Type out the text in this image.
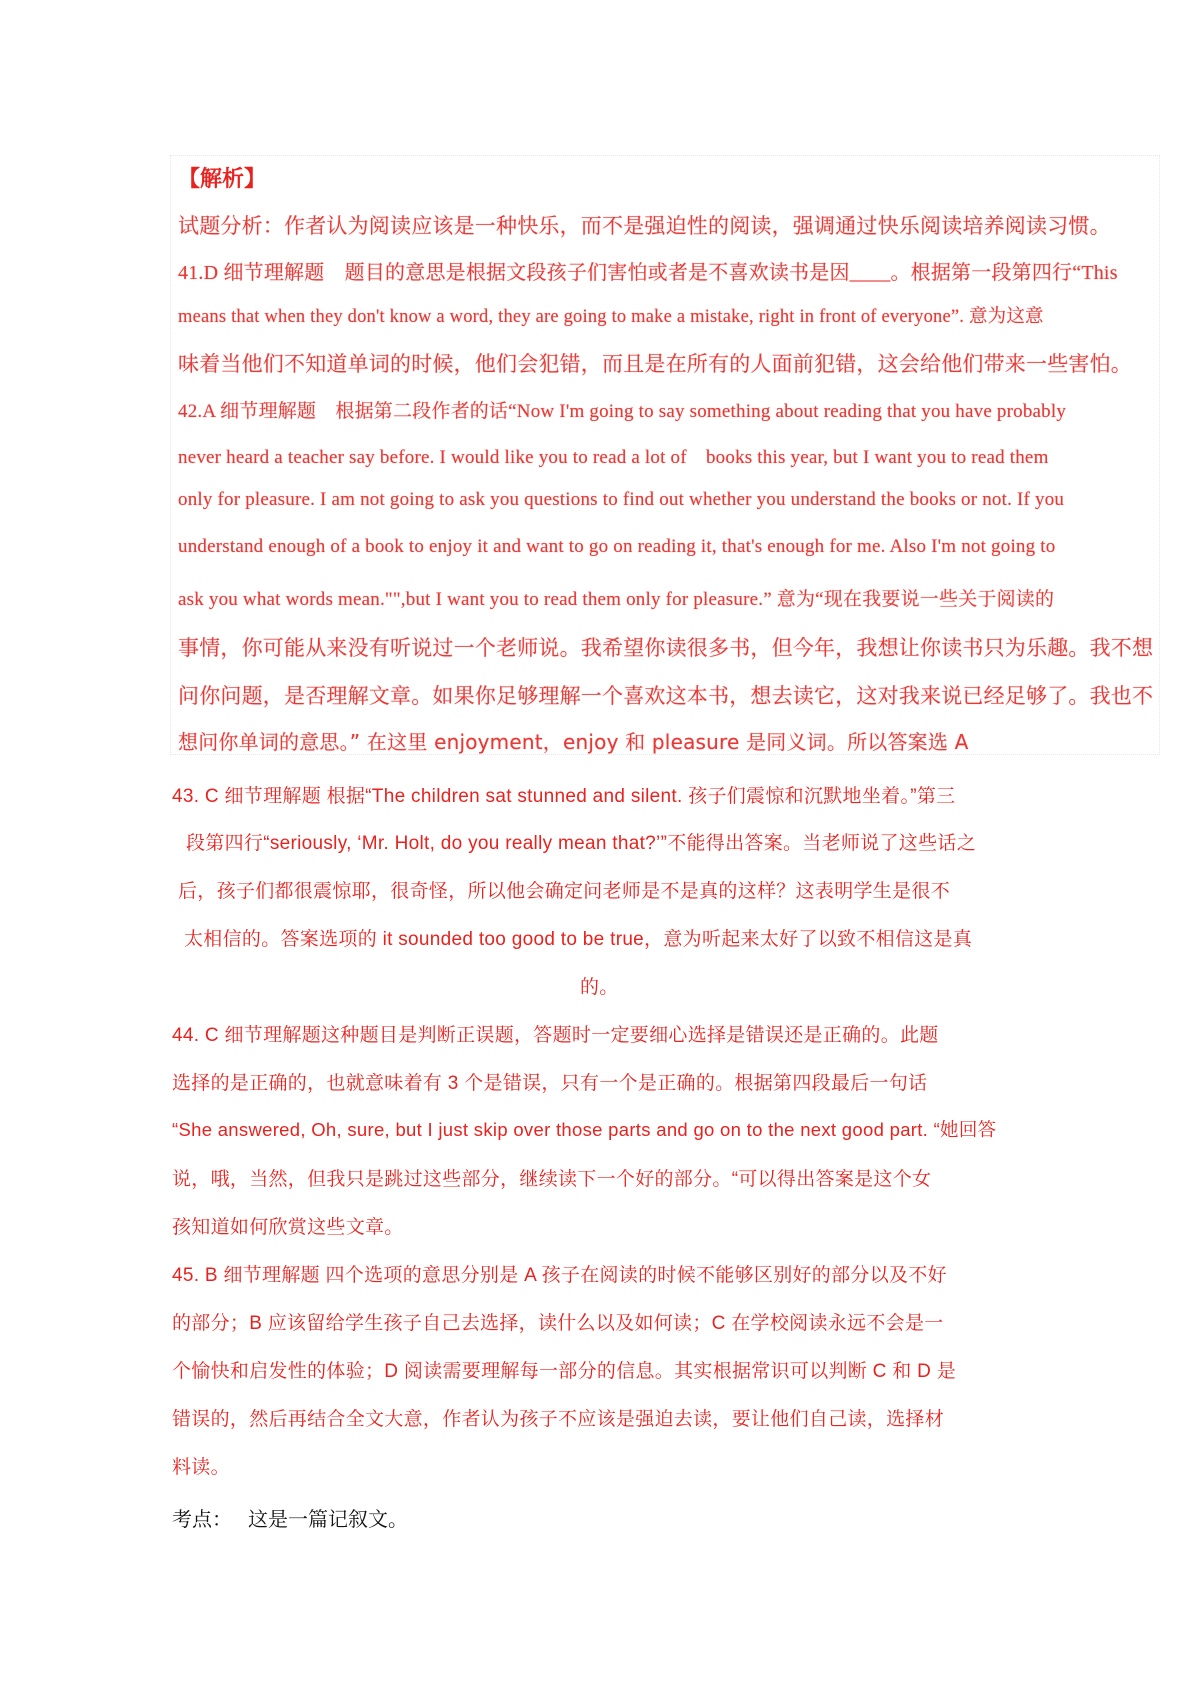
【解析】
试题分析：作者认为阅读应该是一种快乐，而不是强迫性的阅读，强调通过快乐阅读培养阅读习惯。
41.D 细节理解题　题目的意思是根据文段孩子们害怕或者是不喜欢读书是因____。根据第一段第四行“This
means that when they don't know a word, they are going to make a mistake, right in front of everyone”. 意为这意
味着当他们不知道单词的时候，他们会犯错，而且是在所有的人面前犯错，这会给他们带来一些害怕。
42.A 细节理解题　根据第二段作者的话“Now I'm going to say something about reading that you have probably
never heard a teacher say before. I would like you to read a lot of　books this year, but I want you to read them
only for pleasure. I am not going to ask you questions to find out whether you understand the books or not. If you
understand enough of a book to enjoy it and want to go on reading it, that's enough for me. Also I'm not going to
ask you what words mean."",but I want you to read them only for pleasure.” 意为“现在我要说一些关于阅读的
事情，你可能从来没有听说过一个老师说。我希望你读很多书，但今年，我想让你读书只为乐趣。我不想
问你问题，是否理解文章。如果你足够理解一个喜欢这本书，想去读它，这对我来说已经足够了。我也不
想问你单词的意思。” 在这里 enjoyment，enjoy 和 pleasure 是同义词。所以答案选 A
43. C 细节理解题 根据“The children sat stunned and silent. 孩子们震惊和沉默地坐着。”第三
段第四行“seriously, ‘Mr. Holt, do you really mean that?’”不能得出答案。当老师说了这些话之
后，孩子们都很震惊耶，很奇怪，所以他会确定问老师是不是真的这样？这表明学生是很不
太相信的。答案选项的 it sounded too good to be true，意为听起来太好了以致不相信这是真
的。
44. C 细节理解题这种题目是判断正误题，答题时一定要细心选择是错误还是正确的。此题
选择的是正确的，也就意味着有 3 个是错误，只有一个是正确的。根据第四段最后一句话
“She answered, Oh, sure, but I just skip over those parts and go on to the next good part. “她回答
说，哦，当然，但我只是跳过这些部分，继续读下一个好的部分。“可以得出答案是这个女
孩知道如何欣赏这些文章。
45. B 细节理解题 四个选项的意思分别是 A 孩子在阅读的时候不能够区别好的部分以及不好
的部分；B 应该留给学生孩子自己去选择，读什么以及如何读；C 在学校阅读永远不会是一
个愉快和启发性的体验；D 阅读需要理解每一部分的信息。其实根据常识可以判断 C 和 D 是
错误的，然后再结合全文大意，作者认为孩子不应该是强迫去读，要让他们自己读，选择材
料读。
考点： 这是一篇记叙文。
